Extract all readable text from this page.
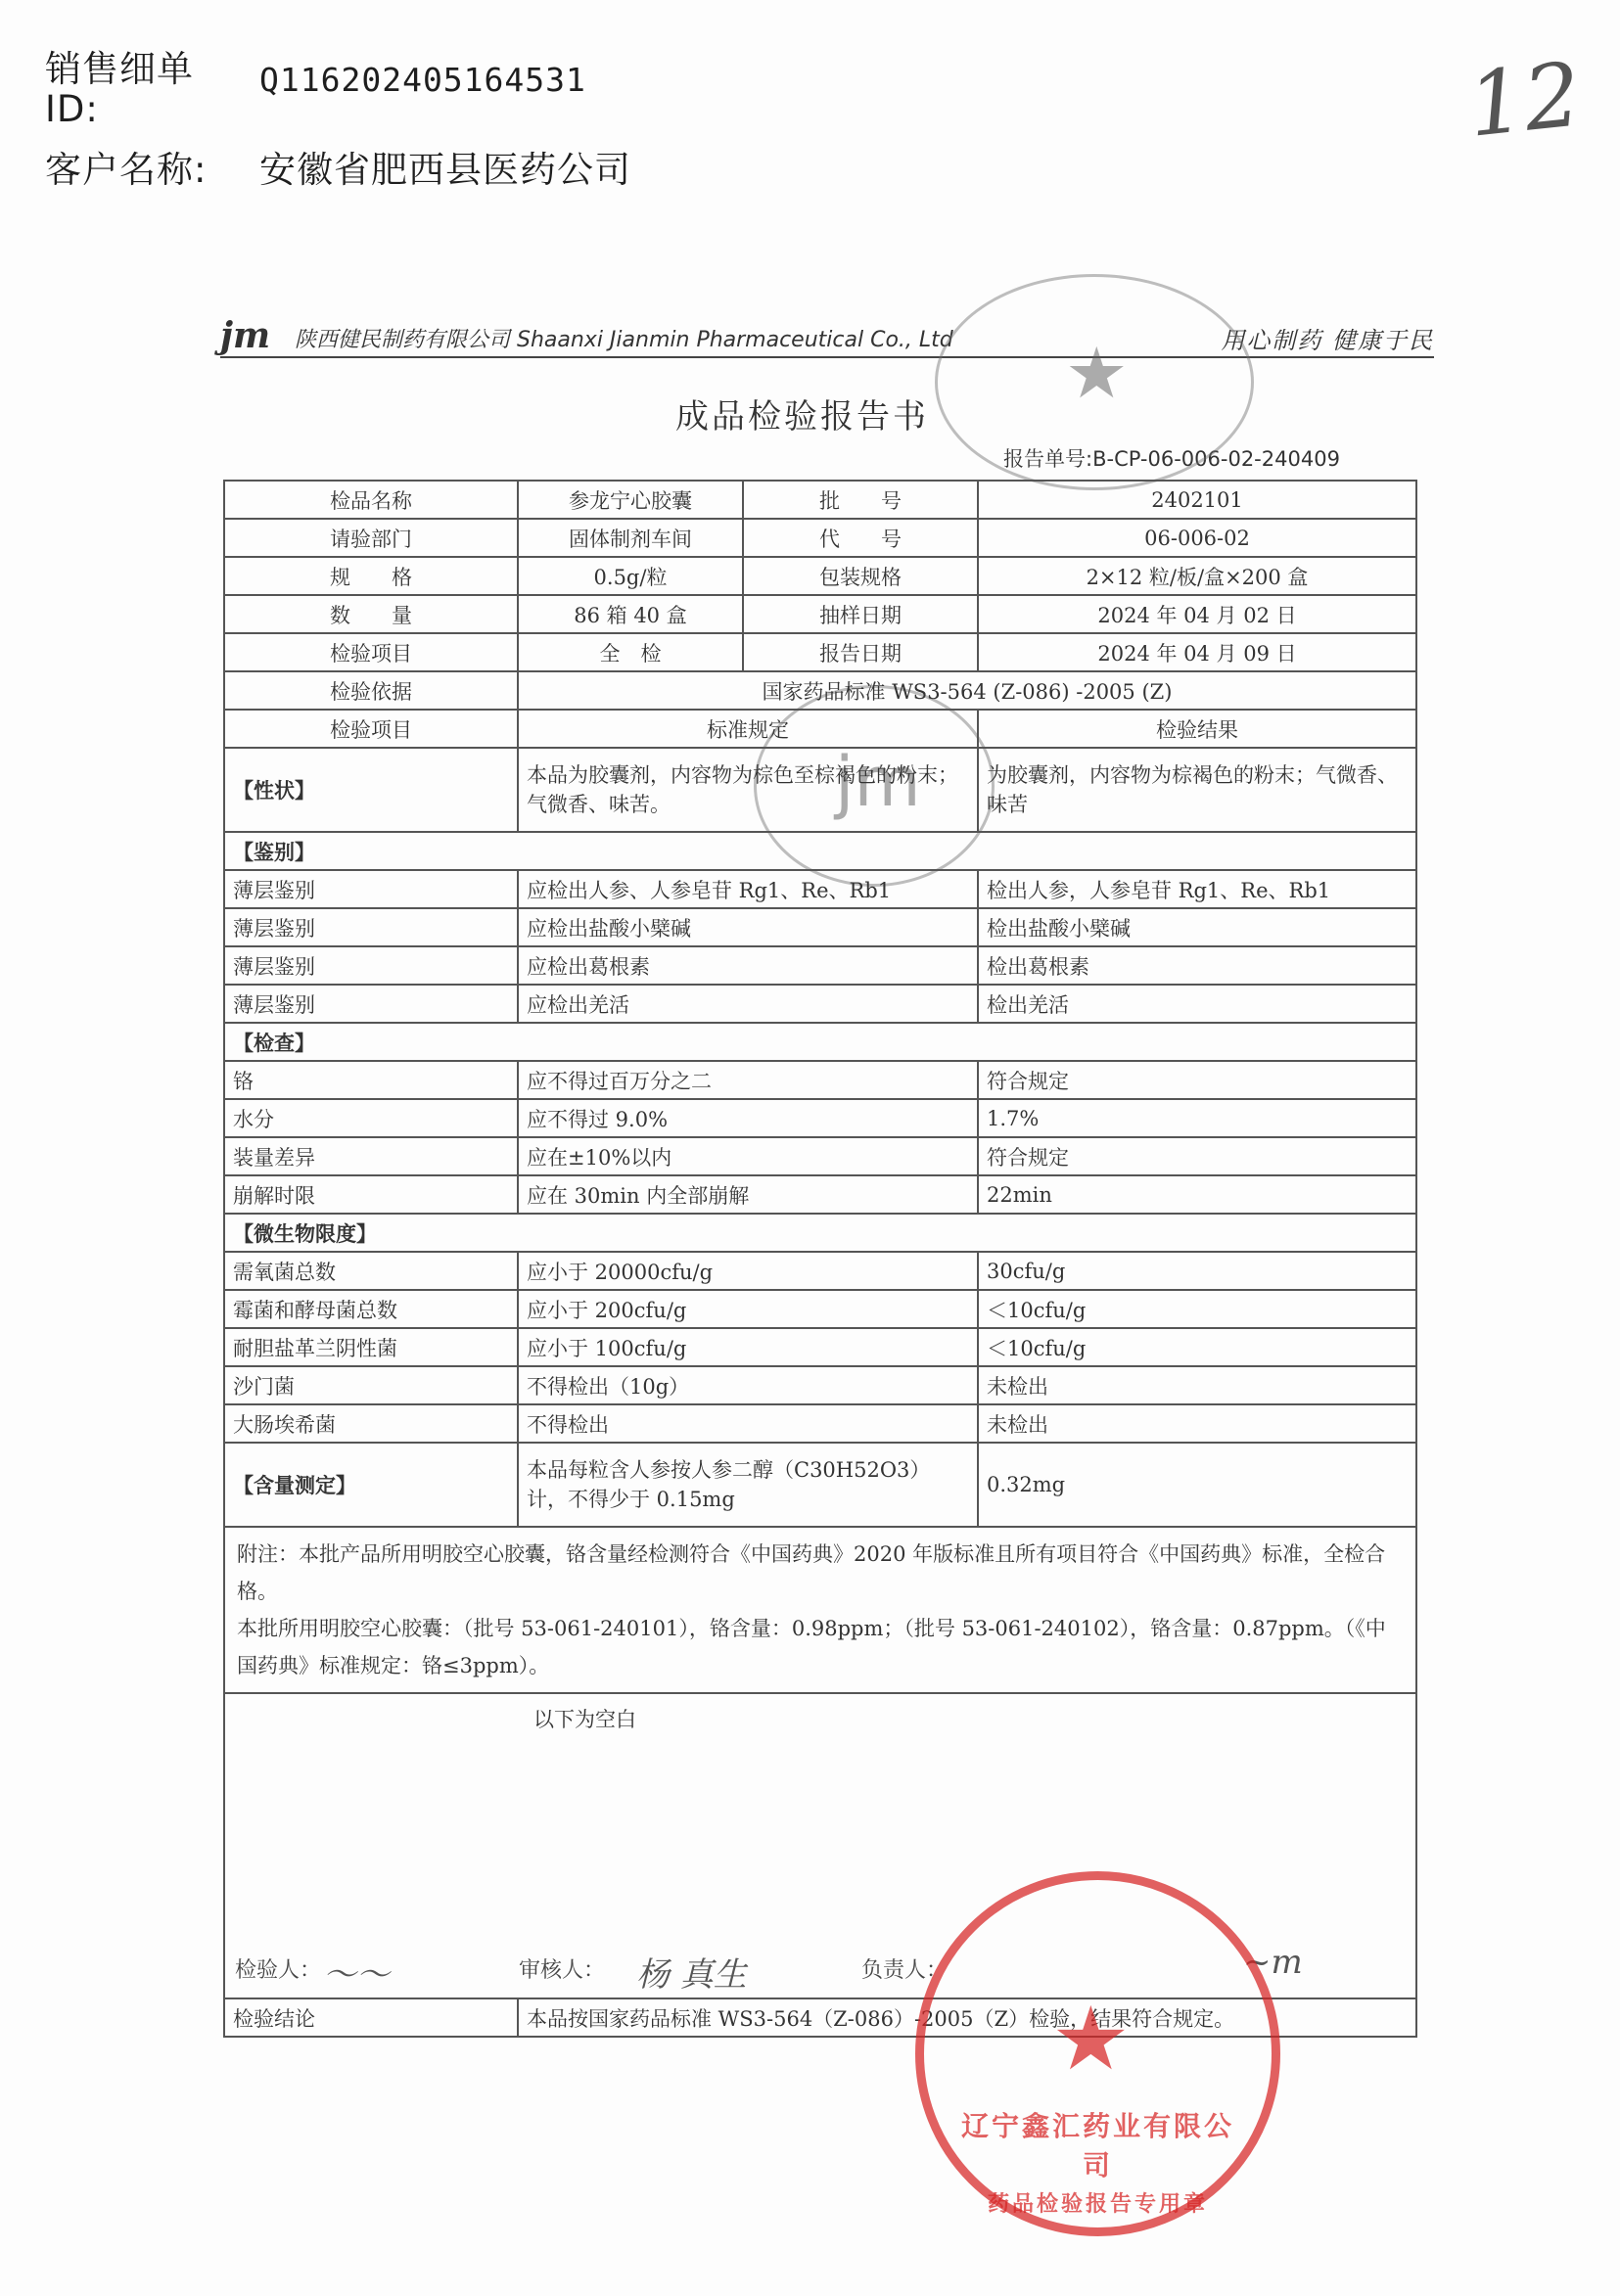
销售细单
ID:
Q116202405164531
客户名称: 安徽省肥西县医药公司
12
jm 陕西健民制药有限公司 Shaanxi Jianmin Pharmaceutical Co., Ltd	用心制药 健康于民
成品检验报告书
报告单号:B-CP-06-006-02-240409
★
jm
检品名称	参龙宁心胶囊	批　　号	2402101
请验部门	固体制剂车间	代　　号	06-006-02
规　　格	0.5g/粒	包装规格	2×12 粒/板/盒×200 盒
数　　量	86 箱 40 盒	抽样日期	2024 年 04 月 02 日
检验项目	全　检	报告日期	2024 年 04 月 09 日
检验依据	国家药品标准 WS3-564 (Z-086) -2005 (Z)		
检验项目	标准规定		检验结果
【性状】	本品为胶囊剂，内容物为棕色至棕褐色的粉末；气微香、味苦。		为胶囊剂，内容物为棕褐色的粉末；气微香、味苦
【鉴别】			
薄层鉴别	应检出人参、人参皂苷 Rg1、Re、Rb1		检出人参，人参皂苷 Rg1、Re、Rb1
薄层鉴别	应检出盐酸小檗碱		检出盐酸小檗碱
薄层鉴别	应检出葛根素		检出葛根素
薄层鉴别	应检出羌活		检出羌活
【检查】			
铬	应不得过百万分之二		符合规定
水分	应不得过 9.0%		1.7%
装量差异	应在±10%以内		符合规定
崩解时限	应在 30min 内全部崩解		22min
【微生物限度】			
需氧菌总数	应小于 20000cfu/g		30cfu/g
霉菌和酵母菌总数	应小于 200cfu/g		＜10cfu/g
耐胆盐革兰阴性菌	应小于 100cfu/g		＜10cfu/g
沙门菌	不得检出（10g）		未检出
大肠埃希菌	不得检出		未检出
【含量测定】	本品每粒含人参按人参二醇（C30H52O3）计，不得少于 0.15mg		0.32mg

附注：本批产品所用明胶空心胶囊，铬含量经检测符合《中国药典》2020 年版标准且所有项目符合《中国药典》标准，全检合格。
本批所用明胶空心胶囊：（批号 53-061-240101），铬含量：0.98ppm；（批号 53-061-240102），铬含量：0.87ppm。（《中国药典》标准规定：铬≤3ppm）。			

以下为空白			
检验结论	本品按国家药品标准 WS3-564（Z-086）-2005（Z）检验，结果符合规定。		
检验人： 〜〜	审核人： 杨 真生	负责人：	~m
★
辽宁鑫汇药业有限公司
药品检验报告专用章
